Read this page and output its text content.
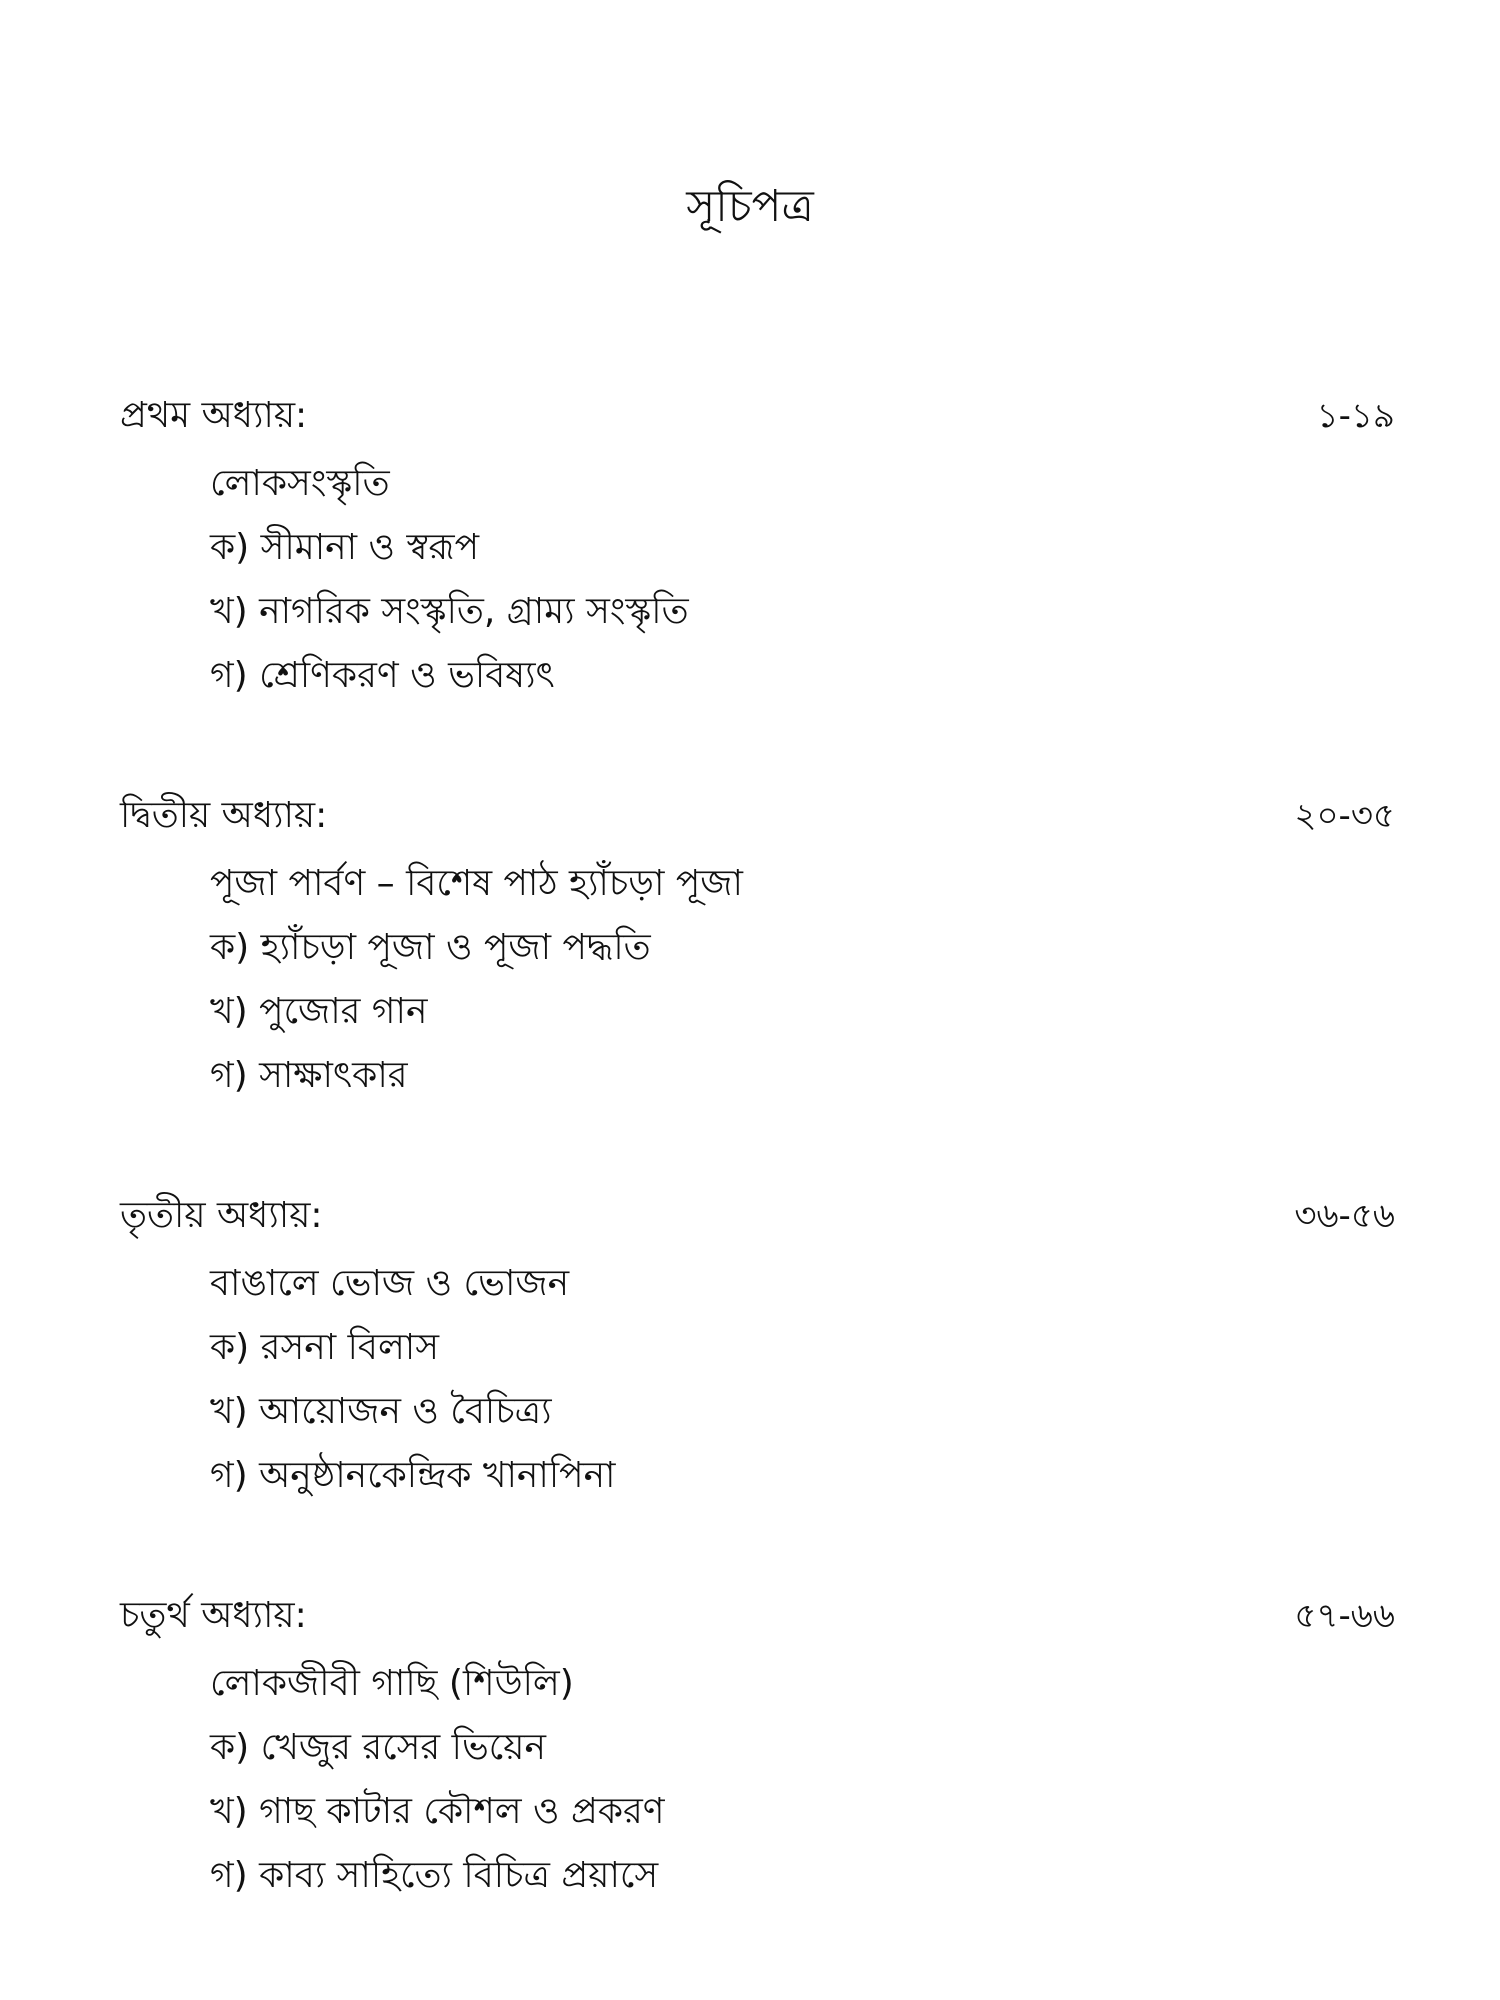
সূচিপত্র
প্রথম অধ্যায়:	১-১৯
লোকসংস্কৃতি
ক) সীমানা ও স্বরূপ
খ) নাগরিক সংস্কৃতি, গ্রাম্য সংস্কৃতি
গ) শ্রেণিকরণ ও ভবিষ্যৎ
দ্বিতীয় অধ্যায়:	২০-৩৫
পূজা পার্বণ – বিশেষ পাঠ হ্যাঁচড়া পূজা
ক) হ্যাঁচড়া পূজা ও পূজা পদ্ধতি
খ) পুজোর গান
গ) সাক্ষাৎকার
তৃতীয় অধ্যায়:	৩৬-৫৬
বাঙালে ভোজ ও ভোজন
ক) রসনা বিলাস
খ) আয়োজন ও বৈচিত্র্য
গ) অনুষ্ঠানকেন্দ্রিক খানাপিনা
চতুর্থ অধ্যায়:	৫৭-৬৬
লোকজীবী গাছি (শিউলি)
ক) খেজুর রসের ভিয়েন
খ) গাছ কাটার কৌশল ও প্রকরণ
গ) কাব্য সাহিত্যে বিচিত্র প্রয়াসে
